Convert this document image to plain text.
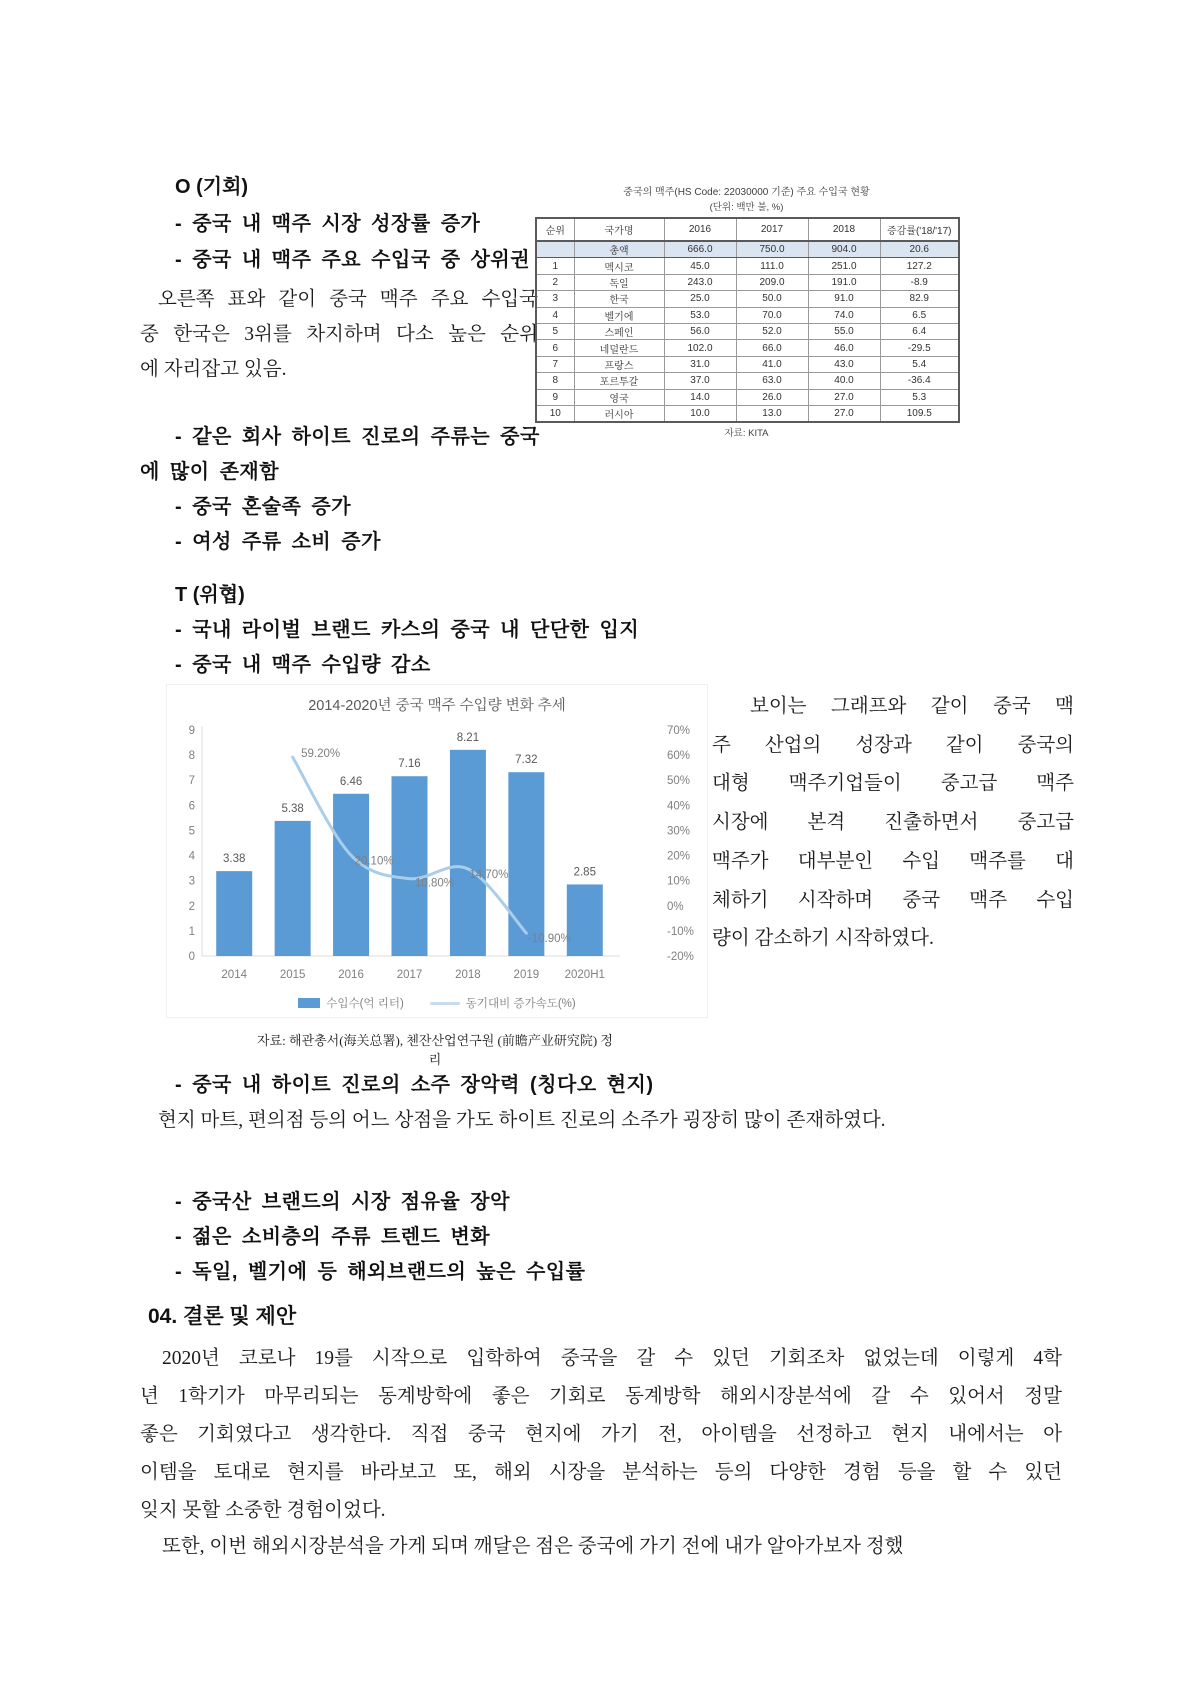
O (기회)
- 중국 내 맥주 시장 성장률 증가
- 중국 내 맥주 주요 수입국 중 상위권
오른쪽 표와 같이 중국 맥주 주요 수입국
중 한국은 3위를 차지하며 다소 높은 순위
에 자리잡고 있음.
중국의 맥주(HS Code: 22030000 기준) 주요 수입국 현황
(단위: 백만 불, %)
순위	국가명	2016	2017	2018	증감률('18/'17)
	총액	666.0	750.0	904.0	20.6
1	멕시코	45.0	111.0	251.0	127.2
2	독일	243.0	209.0	191.0	-8.9
3	한국	25.0	50.0	91.0	82.9
4	벨기에	53.0	70.0	74.0	6.5
5	스페인	56.0	52.0	55.0	6.4
6	네덜란드	102.0	66.0	46.0	-29.5
7	프랑스	31.0	41.0	43.0	5.4
8	포르투갈	37.0	63.0	40.0	-36.4
9	영국	14.0	26.0	27.0	5.3
10	러시아	10.0	13.0	27.0	109.5
자료: KITA
- 같은 회사 하이트 진로의 주류는 중국
에 많이 존재함
- 중국 혼술족 증가
- 여성 주류 소비 증가
T (위협)
- 국내 라이벌 브랜드 카스의 중국 내 단단한 입지
- 중국 내 맥주 수입량 감소
2014-2020년 중국 맥주 수입량 변화 추세
9
8
7
6
5
4
3
2
1
0
70%
60%
50%
40%
30%
20%
10%
0%
-10%
-20%
3.38
5.38
6.46
7.16
8.21
7.32
2.85
59.20%
20.10%
10.80%
14.70%
-10.90%
2014	2015	2016	2017	2018	2019 2020H1
수입수(억 리터)	동기대비 증가속도(%)
자료: 해관총서(海关总署), 첸잔산업연구원 (前瞻产业研究院) 정리
보이는 그래프와 같이 중국 맥
주 산업의 성장과 같이 중국의
대형 맥주기업들이 중고급 맥주
시장에 본격 진출하면서 중고급
맥주가 대부분인 수입 맥주를 대
체하기 시작하며 중국 맥주 수입
량이 감소하기 시작하였다.
- 중국 내 하이트 진로의 소주 장악력 (칭다오 현지)
현지 마트, 편의점 등의 어느 상점을 가도 하이트 진로의 소주가 굉장히 많이 존재하였다.
- 중국산 브랜드의 시장 점유율 장악
- 젊은 소비층의 주류 트렌드 변화
- 독일, 벨기에 등 해외브랜드의 높은 수입률
04. 결론 및 제안
2020년 코로나 19를 시작으로 입학하여 중국을 갈 수 있던 기회조차 없었는데 이렇게 4학
년 1학기가 마무리되는 동계방학에 좋은 기회로 동계방학 해외시장분석에 갈 수 있어서 정말
좋은 기회였다고 생각한다. 직접 중국 현지에 가기 전, 아이템을 선정하고 현지 내에서는 아
이템을 토대로 현지를 바라보고 또, 해외 시장을 분석하는 등의 다양한 경험 등을 할 수 있던
잊지 못할 소중한 경험이었다.
또한, 이번 해외시장분석을 가게 되며 깨달은 점은 중국에 가기 전에 내가 알아가보자 정했
